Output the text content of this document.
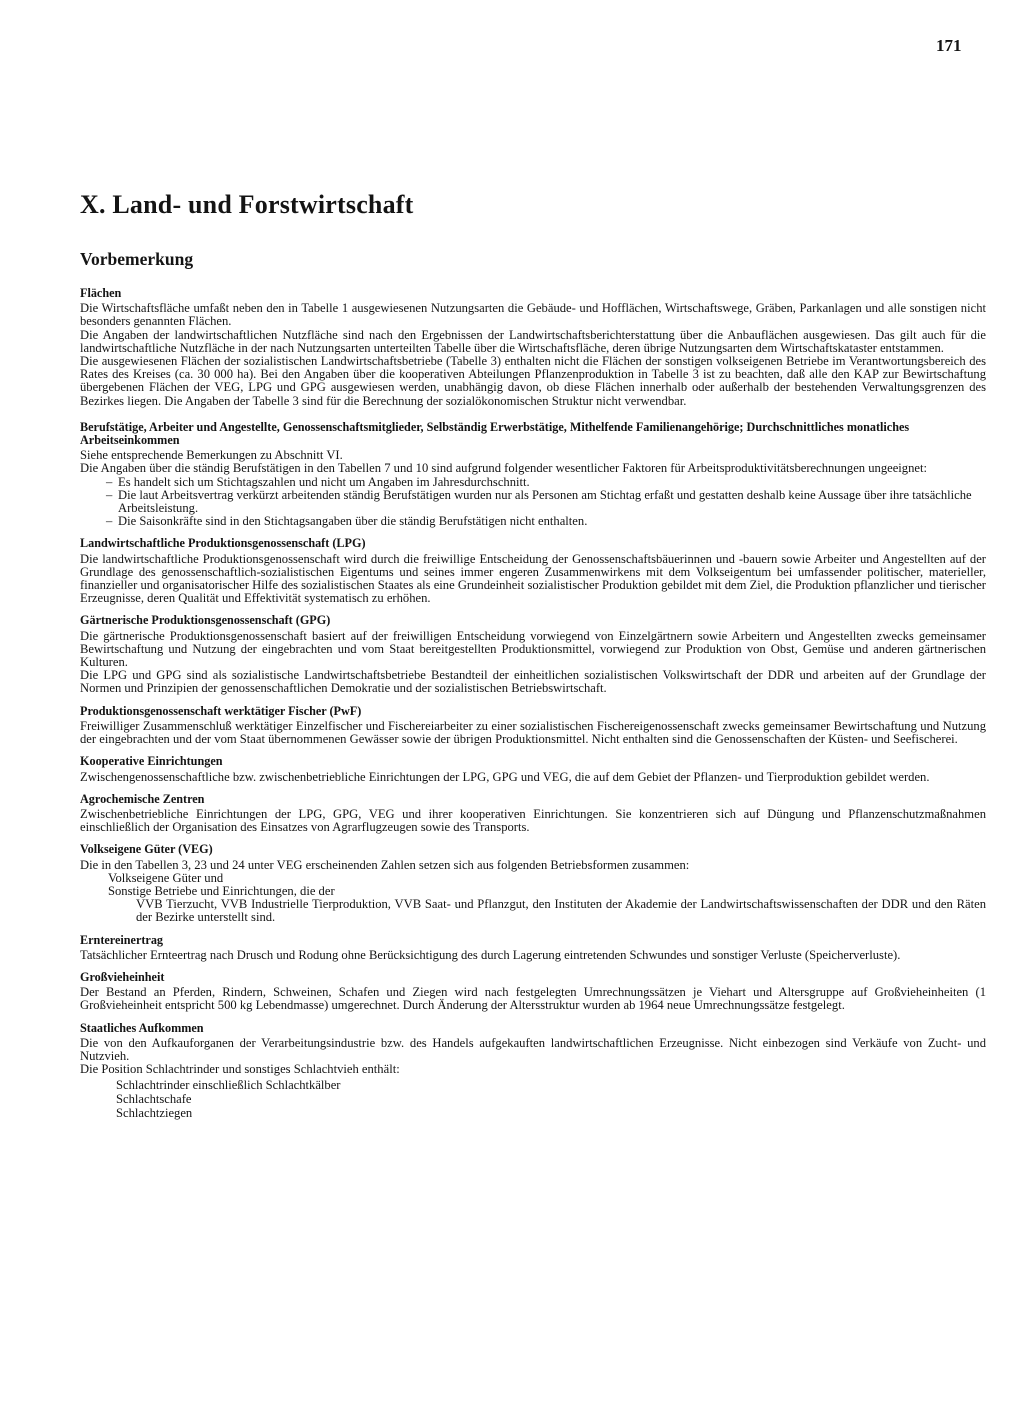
171
X. Land- und Forstwirtschaft
Vorbemerkung
Flächen
Die Wirtschaftsfläche umfaßt neben den in Tabelle 1 ausgewiesenen Nutzungsarten die Gebäude- und Hofflächen, Wirtschaftswege, Gräben, Parkanlagen und alle sonstigen nicht besonders genannten Flächen.
Die Angaben der landwirtschaftlichen Nutzfläche sind nach den Ergebnissen der Landwirtschaftsberichterstattung über die Anbauflächen ausgewiesen. Das gilt auch für die landwirtschaftliche Nutzfläche in der nach Nutzungsarten unterteilten Tabelle über die Wirtschaftsfläche, deren übrige Nutzungsarten dem Wirtschaftskataster entstammen.
Die ausgewiesenen Flächen der sozialistischen Landwirtschaftsbetriebe (Tabelle 3) enthalten nicht die Flächen der sonstigen volkseigenen Betriebe im Verantwortungsbereich des Rates des Kreises (ca. 30 000 ha). Bei den Angaben über die kooperativen Abteilungen Pflanzenproduktion in Tabelle 3 ist zu beachten, daß alle den KAP zur Bewirtschaftung übergebenen Flächen der VEG, LPG und GPG ausgewiesen werden, unabhängig davon, ob diese Flächen innerhalb oder außerhalb der bestehenden Verwaltungsgrenzen des Bezirkes liegen. Die Angaben der Tabelle 3 sind für die Berechnung der sozialökonomischen Struktur nicht verwendbar.
Berufstätige, Arbeiter und Angestellte, Genossenschaftsmitglieder, Selbständig Erwerbstätige, Mithelfende Familienangehörige; Durchschnittliches monatliches Arbeitseinkommen
Siehe entsprechende Bemerkungen zu Abschnitt VI.
Die Angaben über die ständig Berufstätigen in den Tabellen 7 und 10 sind aufgrund folgender wesentlicher Faktoren für Arbeitsproduktivitätsberechnungen ungeeignet:
– Es handelt sich um Stichtagszahlen und nicht um Angaben im Jahresdurchschnitt.
– Die laut Arbeitsvertrag verkürzt arbeitenden ständig Berufstätigen wurden nur als Personen am Stichtag erfaßt und gestatten deshalb keine Aussage über ihre tatsächliche Arbeitsleistung.
– Die Saisonkräfte sind in den Stichtagsangaben über die ständig Berufstätigen nicht enthalten.
Landwirtschaftliche Produktionsgenossenschaft (LPG)
Die landwirtschaftliche Produktionsgenossenschaft wird durch die freiwillige Entscheidung der Genossenschaftsbäuerinnen und -bauern sowie Arbeiter und Angestellten auf der Grundlage des genossenschaftlich-sozialistischen Eigentums und seines immer engeren Zusammenwirkens mit dem Volkseigentum bei umfassender politischer, materieller, finanzieller und organisatorischer Hilfe des sozialistischen Staates als eine Grundeinheit sozialistischer Produktion gebildet mit dem Ziel, die Produktion pflanzlicher und tierischer Erzeugnisse, deren Qualität und Effektivität systematisch zu erhöhen.
Gärtnerische Produktionsgenossenschaft (GPG)
Die gärtnerische Produktionsgenossenschaft basiert auf der freiwilligen Entscheidung vorwiegend von Einzelgärtnern sowie Arbeitern und Angestellten zwecks gemeinsamer Bewirtschaftung und Nutzung der eingebrachten und vom Staat bereitgestellten Produktionsmittel, vorwiegend zur Produktion von Obst, Gemüse und anderen gärtnerischen Kulturen.
Die LPG und GPG sind als sozialistische Landwirtschaftsbetriebe Bestandteil der einheitlichen sozialistischen Volkswirtschaft der DDR und arbeiten auf der Grundlage der Normen und Prinzipien der genossenschaftlichen Demokratie und der sozialistischen Betriebswirtschaft.
Produktionsgenossenschaft werktätiger Fischer (PwF)
Freiwilliger Zusammenschluß werktätiger Einzelfischer und Fischereiarbeiter zu einer sozialistischen Fischereigenossenschaft zwecks gemeinsamer Bewirtschaftung und Nutzung der eingebrachten und der vom Staat übernommenen Gewässer sowie der übrigen Produktionsmittel. Nicht enthalten sind die Genossenschaften der Küsten- und Seefischerei.
Kooperative Einrichtungen
Zwischengenossenschaftliche bzw. zwischenbetriebliche Einrichtungen der LPG, GPG und VEG, die auf dem Gebiet der Pflanzen- und Tierproduktion gebildet werden.
Agrochemische Zentren
Zwischenbetriebliche Einrichtungen der LPG, GPG, VEG und ihrer kooperativen Einrichtungen. Sie konzentrieren sich auf Düngung und Pflanzenschutzmaßnahmen einschließlich der Organisation des Einsatzes von Agrarflugzeugen sowie des Transports.
Volkseigene Güter (VEG)
Die in den Tabellen 3, 23 und 24 unter VEG erscheinenden Zahlen setzen sich aus folgenden Betriebsformen zusammen:
Volkseigene Güter und
Sonstige Betriebe und Einrichtungen, die der
VVB Tierzucht, VVB Industrielle Tierproduktion, VVB Saat- und Pflanzgut, den Instituten der Akademie der Landwirtschaftswissenschaften der DDR und den Räten der Bezirke unterstellt sind.
Erntereinertrag
Tatsächlicher Ernteertrag nach Drusch und Rodung ohne Berücksichtigung des durch Lagerung eintretenden Schwundes und sonstiger Verluste (Speicherverluste).
Großvieheinheit
Der Bestand an Pferden, Rindern, Schweinen, Schafen und Ziegen wird nach festgelegten Umrechnungssätzen je Viehart und Altersgruppe auf Großvieheinheiten (1 Großvieheinheit entspricht 500 kg Lebendmasse) umgerechnet. Durch Änderung der Altersstruktur wurden ab 1964 neue Umrechnungssätze festgelegt.
Staatliches Aufkommen
Die von den Aufkauforganen der Verarbeitungsindustrie bzw. des Handels aufgekauften landwirtschaftlichen Erzeugnisse. Nicht einbezogen sind Verkäufe von Zucht- und Nutzvieh.
Die Position Schlachtrinder und sonstiges Schlachtvieh enthält:
Schlachtrinder einschließlich Schlachtkälber
Schlachtschafe
Schlachtziegen
